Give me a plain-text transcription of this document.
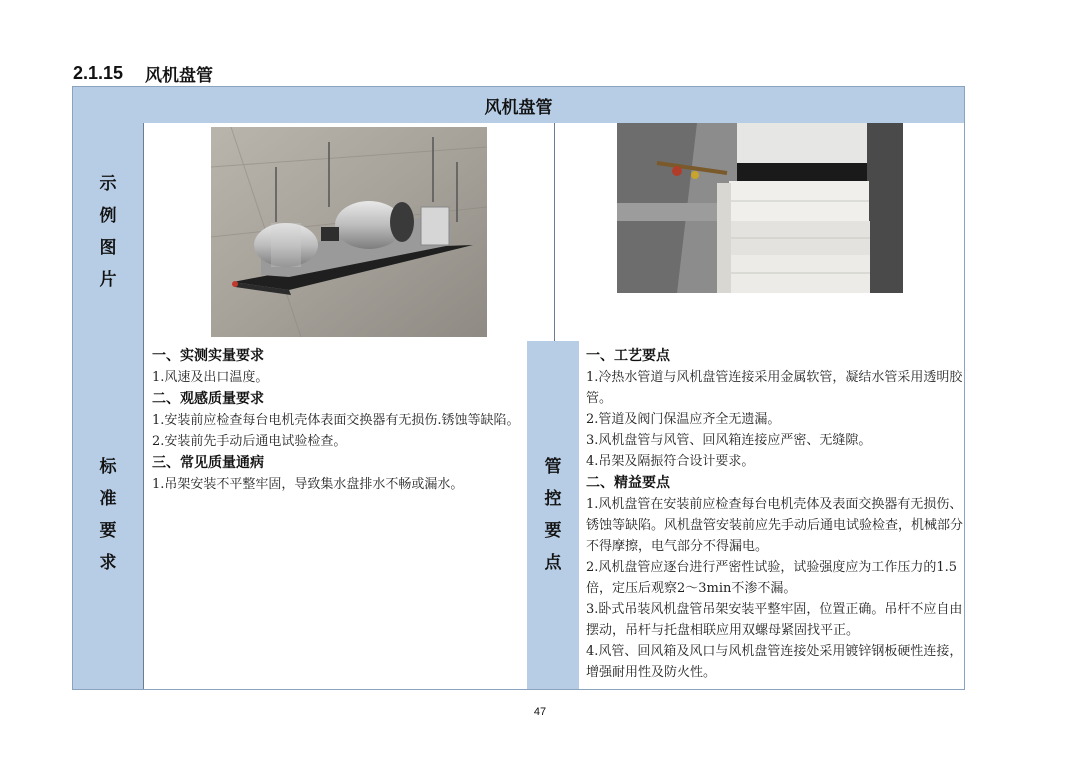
2.1.15 风机盘管
风机盘管
示
例
图
片
标
准
要
求
一、实测实量要求
1.风速及出口温度。
二、观感质量要求
1.安装前应检查每台电机壳体表面交换器有无损伤.锈蚀等缺陷。
2.安装前先手动后通电试验检查。
三、常见质量通病
1.吊架安装不平整牢固，导致集水盘排水不畅或漏水。
管
控
要
点
一、工艺要点
1.冷热水管道与风机盘管连接采用金属软管，凝结水管采用透明胶管。
2.管道及阀门保温应齐全无遗漏。
3.风机盘管与风管、回风箱连接应严密、无缝隙。
4.吊架及隔振符合设计要求。
二、精益要点
1.风机盘管在安装前应检查每台电机壳体及表面交换器有无损伤、锈蚀等缺陷。风机盘管安装前应先手动后通电试验检查，机械部分不得摩擦，电气部分不得漏电。
2.风机盘管应逐台进行严密性试验，试验强度应为工作压力的1.5倍，定压后观察2～3min不渗不漏。
3.卧式吊装风机盘管吊架安装平整牢固，位置正确。吊杆不应自由摆动，吊杆与托盘相联应用双螺母紧固找平正。
4.风管、回风箱及风口与风机盘管连接处采用镀锌钢板硬性连接，增强耐用性及防火性。
47
